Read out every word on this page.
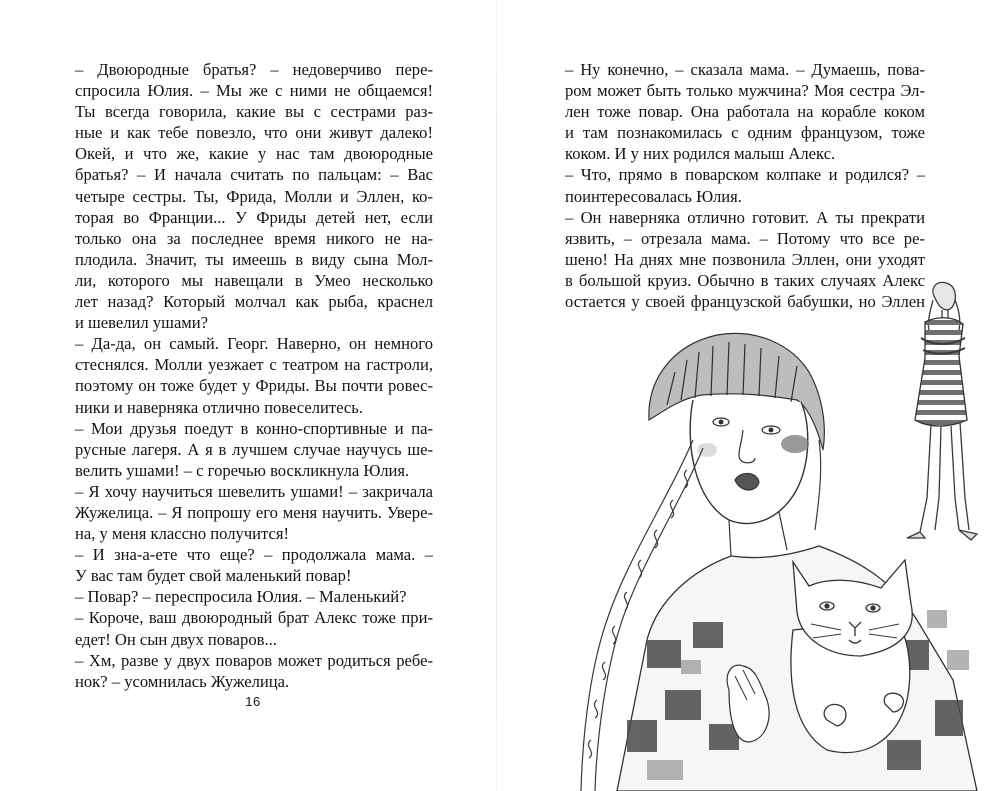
– Двоюродные братья? – недоверчиво пере-
спросила Юлия. – Мы же с ними не общаемся!
Ты всегда говорила, какие вы с сестрами раз-
ные и как тебе повезло, что они живут далеко!
Окей, и что же, какие у нас там двоюродные
братья? – И начала считать по пальцам: – Вас
четыре сестры. Ты, Фрида, Молли и Эллен, ко-
торая во Франции... У Фриды детей нет, если
только она за последнее время никого не на-
плодила. Значит, ты имеешь в виду сына Мол-
ли, которого мы навещали в Умео несколько
лет назад? Который молчал как рыба, краснел
и шевелил ушами?
– Да-да, он самый. Георг. Наверно, он немного
стеснялся. Молли уезжает с театром на гастроли,
поэтому он тоже будет у Фриды. Вы почти ровес-
ники и наверняка отлично повеселитесь.
– Мои друзья поедут в конно-спортивные и па-
русные лагеря. А я в лучшем случае научусь ше-
велить ушами! – с горечью воскликнула Юлия.
– Я хочу научиться шевелить ушами! – закричала
Жужелица. – Я попрошу его меня научить. Увере-
на, у меня классно получится!
– И зна-а-ете что еще? – продолжала мама. –
У вас там будет свой маленький повар!
– Повар? – переспросила Юлия. – Маленький?
– Короче, ваш двоюродный брат Алекс тоже при-
едет! Он сын двух поваров...
– Хм, разве у двух поваров может родиться ребе-
нок? – усомнилась Жужелица.
16
– Ну конечно, – сказала мама. – Думаешь, пова-
ром может быть только мужчина? Моя сестра Эл-
лен тоже повар. Она работала на корабле коком
и там познакомилась с одним французом, тоже
коком. И у них родился малыш Алекс.
– Что, прямо в поварском колпаке и родился? –
поинтересовалась Юлия.
– Он наверняка отлично готовит. А ты прекрати
язвить, – отрезала мама. – Потому что все ре-
шено! На днях мне позвонила Эллен, они уходят
в большой круиз. Обычно в таких случаях Алекс
остается у своей французской бабушки, но Эллен
